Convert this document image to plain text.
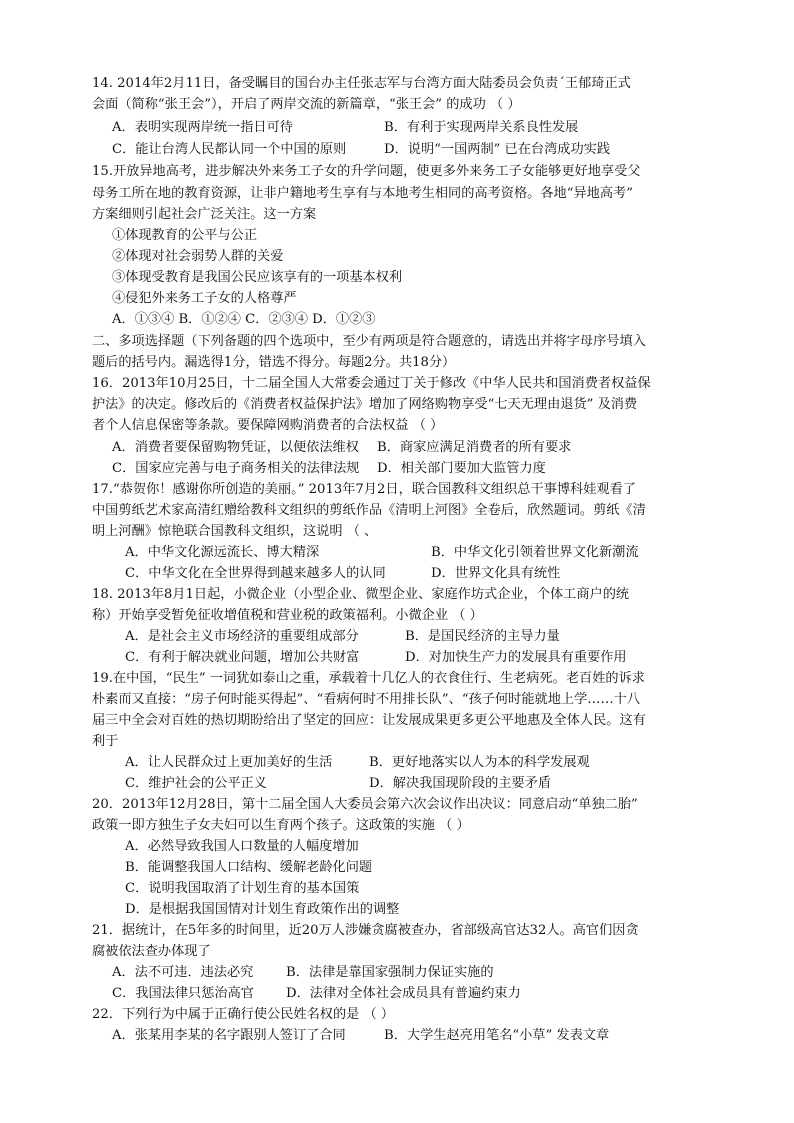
14. 2014年2月11日，备受瞩目的国台办主任张志军与台湾方面大陆委员会负责´王郁琦正式
会面（简称“张王会”），开启了两岸交流的新篇章，“张王会” 的成功 （ ）
A．表明实现两岸统一指日可待	B．有利于实现两岸关系良性发展
C．能让台湾人民都认同一个中国的原则	D．说明“一国两制” 已在台湾成功实践
15.开放异地高考，进步解决外来务工子女的升学问题，使更多外来务工子女能够更好地享受父
母务工所在地的教育资源，让非户籍地考生享有与本地考生相同的高考资格。各地“异地高考”
方案细则引起社会广泛关注。这一方案
①体现教育的公平与公正
②体现对社会弱势人群的关爱
③体现受教育是我国公民应该享有的一项基本权利
④侵犯外来务工子女的人格尊严
A．①③④ B．①②④ C．②③④ D．①②③
二、多项选择题（下列备题的四个选项中，至少有两项是符合题意的，请选出并将字母序号填入
题后的括号内。漏选得1分，错选不得分。每题2分。共18分）
16．2013年10月25日，十二届全国人大常委会通过丁关于修改《中华人民共和国消费者权益保
护法》的决定。修改后的《消费者权益保护法》增加了网络购物享受“七天无理由退货” 及消费
者个人信息保密等条款。要保障网购消费者的合法权益 （ ）
A．消费者要保留购物凭证，以便依法维权 B．商家应满足消费者的所有要求
C．国家应完善与电子商务相关的法律法规 D．相关部门要加大监管力度
17.“恭贺你！感谢你所创造的美丽。” 2013年7月2日，联合国教科文组织总干事博科娃观看了
中国剪纸艺术家高清红赠给教科文组织的剪纸作品《清明上河图》全卷后，欣然题词。剪纸《清
明上河酬》惊艳联合国教科文组织，这说明 （ 、
A．中华文化源远流长、博大精深	B．中华文化引领着世界文化新潮流
C．中华文化在全世界得到越来越多人的认同	D．世界文化具有统性
18. 2013年8月1日起，小微企业（小型企业、微型企业、家庭作坊式企业，个体工商户的统
称）开始享受暂免征收增值税和营业税的政策福利。小微企业 （ ）
A．是社会主义市场经济的重要组成部分	B．是国民经济的主导力量
C．有利于解决就业问题，增加公共财富	D．对加快生产力的发展具有重要作用
19.在中国，“民生” 一词犹如泰山之重，承载着十几亿人的衣食住行、生老病死。老百姓的诉求
朴素而又直接：“房子何时能买得起”、“看病何时不用排长队”、“孩子何时能就地上学……十八
届三中全会对百姓的热切期盼给出了坚定的回应：让发展成果更多更公平地惠及全体人民。这有
利于
A．让人民群众过上更加美好的生活	B．更好地落实以人为本的科学发展观
C．维护社会的公平正义	D．解决我国现阶段的主要矛盾
20．2013年12月28日，第十二届全国人大委员会第六次会议作出决议：同意启动“单独二胎”
政策一即方独生子女夫妇可以生育两个孩子。这政策的实施 （ ）
A．必然导致我国人口数量的人幅度增加
B．能调整我国人口结构、缓解老龄化问题
C．说明我国取消了计划生育的基本国策
D．是根据我国国情对计划生育政策作出的调整
21．据统计，在5年多的时间里，近20万人涉嫌贪腐被查办，省部级高官达32人。高官们因贪
腐被依法查办体现了
A．法不可违．违法必究 B．法律是靠国家强制力保证实施的
C．我国法律只惩治高官 D．法律对全体社会成员具有普遍约束力
22．下列行为中属于正确行使公民姓名权的是 （ ）
A．张某用李某的名字跟别人签订了合同	B．大学生赵亮用笔名“小草” 发表文章
